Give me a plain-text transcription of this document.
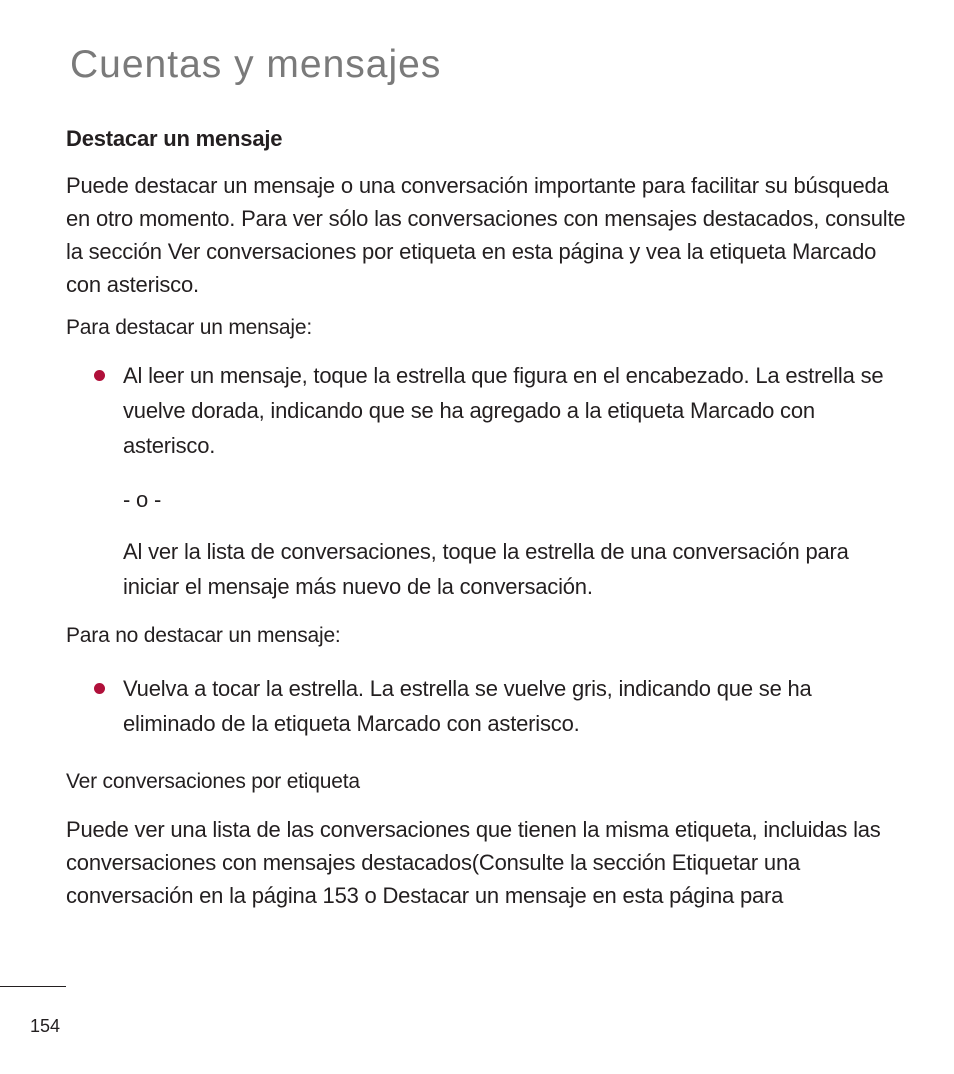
Cuentas y mensajes
Destacar un mensaje

Puede destacar un mensaje o una conversación importante para facilitar su búsqueda en otro momento. Para ver sólo las conversaciones con mensajes destacados, consulte la sección Ver conversaciones por etiqueta en esta página y vea la etiqueta Marcado con asterisco.

Para destacar un mensaje:

Al leer un mensaje, toque la estrella que figura en el encabezado. La estrella se vuelve dorada, indicando que se ha agregado a la etiqueta Marcado con asterisco.

- o -

Al ver la lista de conversaciones, toque la estrella de una conversación para iniciar el mensaje más nuevo de la conversación.

Para no destacar un mensaje:

Vuelva a tocar la estrella. La estrella se vuelve gris, indicando que se ha eliminado de la etiqueta Marcado con asterisco.

Ver conversaciones por etiqueta

Puede ver una lista de las conversaciones que tienen la misma etiqueta, incluidas las conversaciones con mensajes destacados(Consulte la sección Etiquetar una conversación en la página 153 o Destacar un mensaje en esta página para

154
